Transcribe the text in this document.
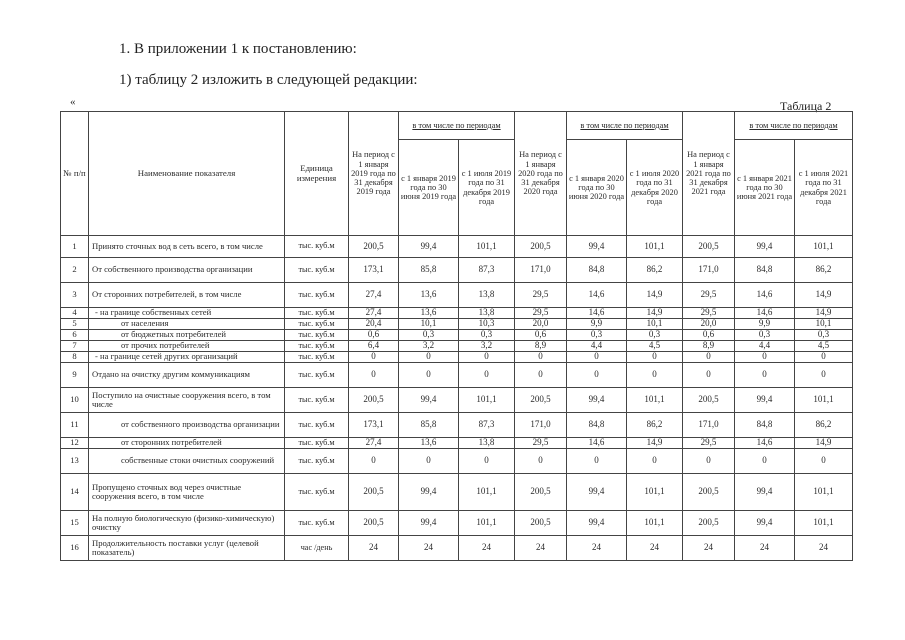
1. В приложении 1 к постановлению:
1) таблицу 2 изложить в следующей редакции:
«	Таблица 2
№ п/п	Наименование показателя	Единица измерения	На период с 1 января 2019 года по 31 декабря 2019 года	в том числе по периодам		На период с 1 января 2020 года по 31 декабря 2020 года	в том числе по периодам		На период с 1 января 2021 года по 31 декабря 2021 года	в том числе по периодам	
				с 1 января 2019 года по 30 июня 2019 года	с 1 июля 2019 года по 31 декабря 2019 года		с 1 января 2020 года по 30 июня 2020 года	с 1 июля 2020 года по 31 декабря 2020 года		с 1 января 2021 года по 30 июня 2021 года	с 1 июля 2021 года по 31 декабря 2021 года
1	Принято сточных вод в сеть всего, в том числе	тыс. куб.м	200,5	99,4	101,1	200,5	99,4	101,1	200,5	99,4	101,1
2	От собственного производства организации	тыс. куб.м	173,1	85,8	87,3	171,0	84,8	86,2	171,0	84,8	86,2
3	От сторонних потребителей, в том числе	тыс. куб.м	27,4	13,6	13,8	29,5	14,6	14,9	29,5	14,6	14,9
4	- на границе собственных сетей	тыс. куб.м	27,4	13,6	13,8	29,5	14,6	14,9	29,5	14,6	14,9
5	от населения	тыс. куб.м	20,4	10,1	10,3	20,0	9,9	10,1	20,0	9,9	10,1
6	от бюджетных потребителей	тыс. куб.м	0,6	0,3	0,3	0,6	0,3	0,3	0,6	0,3	0,3
7	от прочих потребителей	тыс. куб.м	6,4	3,2	3,2	8,9	4,4	4,5	8,9	4,4	4,5
8	- на границе сетей других организаций	тыс. куб.м	0	0	0	0	0	0	0	0	0
9	Отдано на очистку другим коммуникациям	тыс. куб.м	0	0	0	0	0	0	0	0	0
10	Поступило на очистные сооружения всего, в том числе	тыс. куб.м	200,5	99,4	101,1	200,5	99,4	101,1	200,5	99,4	101,1
11	от собственного производства организации	тыс. куб.м	173,1	85,8	87,3	171,0	84,8	86,2	171,0	84,8	86,2
12	от сторонних потребителей	тыс. куб.м	27,4	13,6	13,8	29,5	14,6	14,9	29,5	14,6	14,9
13	собственные стоки очистных сооружений	тыс. куб.м	0	0	0	0	0	0	0	0	0
14	Пропущено сточных вод через очистные сооружения всего, в том числе	тыс. куб.м	200,5	99,4	101,1	200,5	99,4	101,1	200,5	99,4	101,1
15	На полную биологическую (физико-химическую) очистку	тыс. куб.м	200,5	99,4	101,1	200,5	99,4	101,1	200,5	99,4	101,1
16	Продолжительность поставки услуг (целевой показатель)	час /день	24	24	24	24	24	24	24	24	24
